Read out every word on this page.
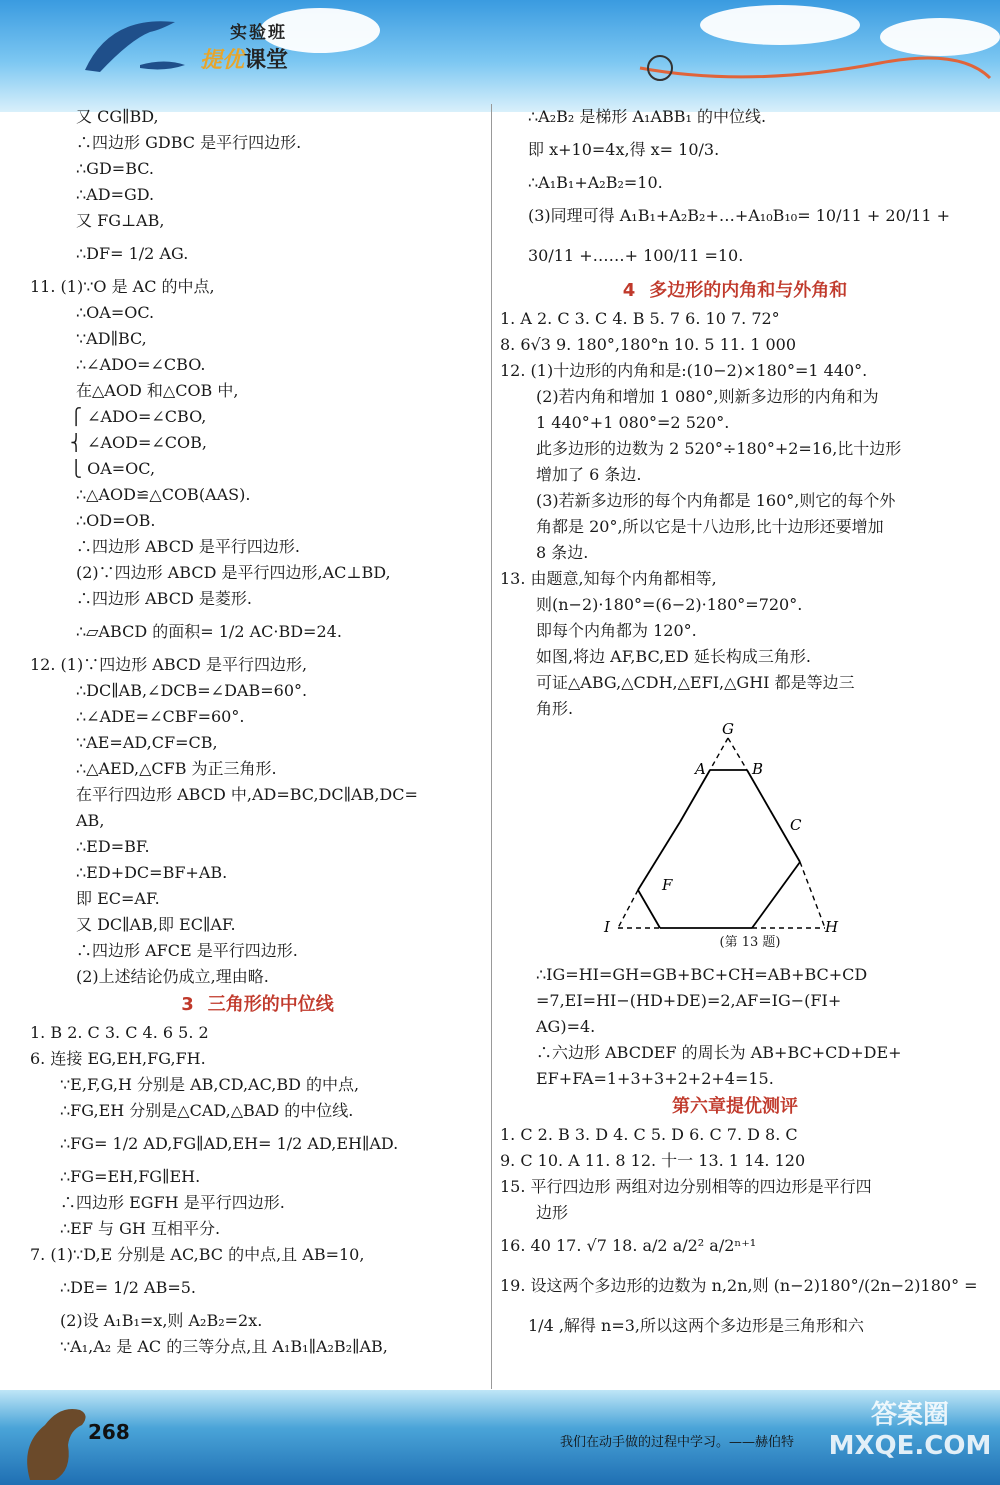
实验班
提优课堂
又 CG∥BD,
∴四边形 GDBC 是平行四边形.
∴GD=BC.
∴AD=GD.
又 FG⊥AB,
∴DF= 1/2 AG.
11. (1)∵O 是 AC 的中点,
∴OA=OC.
∵AD∥BC,
∴∠ADO=∠CBO.
在△AOD 和△COB 中,
⎧ ∠ADO=∠CBO,
⎨ ∠AOD=∠COB,
⎩ OA=OC,
∴△AOD≌△COB(AAS).
∴OD=OB.
∴四边形 ABCD 是平行四边形.
(2)∵四边形 ABCD 是平行四边形,AC⊥BD,
∴四边形 ABCD 是菱形.
∴▱ABCD 的面积= 1/2 AC·BD=24.
12. (1)∵四边形 ABCD 是平行四边形,
∴DC∥AB,∠DCB=∠DAB=60°.
∴∠ADE=∠CBF=60°.
∵AE=AD,CF=CB,
∴△AED,△CFB 为正三角形.
在平行四边形 ABCD 中,AD=BC,DC∥AB,DC=
AB,
∴ED=BF.
∴ED+DC=BF+AB.
即 EC=AF.
又 DC∥AB,即 EC∥AF.
∴四边形 AFCE 是平行四边形.
(2)上述结论仍成立,理由略.
3 三角形的中位线
1. B 2. C 3. C 4. 6 5. 2
6. 连接 EG,EH,FG,FH.
∵E,F,G,H 分别是 AB,CD,AC,BD 的中点,
∴FG,EH 分别是△CAD,△BAD 的中位线.
∴FG= 1/2 AD,FG∥AD,EH= 1/2 AD,EH∥AD.
∴FG=EH,FG∥EH.
∴四边形 EGFH 是平行四边形.
∴EF 与 GH 互相平分.
7. (1)∵D,E 分别是 AC,BC 的中点,且 AB=10,
∴DE= 1/2 AB=5.
(2)设 A₁B₁=x,则 A₂B₂=2x.
∵A₁,A₂ 是 AC 的三等分点,且 A₁B₁∥A₂B₂∥AB,
∴A₂B₂ 是梯形 A₁ABB₁ 的中位线.
即 x+10=4x,得 x= 10/3.
∴A₁B₁+A₂B₂=10.
(3)同理可得 A₁B₁+A₂B₂+…+A₁₀B₁₀= 10/11 + 20/11 +
30/11 +……+ 100/11 =10.
4 多边形的内角和与外角和
1. A 2. C 3. C 4. B 5. 7 6. 10 7. 72°
8. 6√3 9. 180°,180°n 10. 5 11. 1 000
12. (1)十边形的内角和是:(10−2)×180°=1 440°.
(2)若内角和增加 1 080°,则新多边形的内角和为
1 440°+1 080°=2 520°.
此多边形的边数为 2 520°÷180°+2=16,比十边形
增加了 6 条边.
(3)若新多边形的每个内角都是 160°,则它的每个外
角都是 20°,所以它是十八边形,比十边形还要增加
8 条边.
13. 由题意,知每个内角都相等,
则(n−2)·180°=(6−2)·180°=720°.
即每个内角都为 120°.
如图,将边 AF,BC,ED 延长构成三角形.
可证△ABG,△CDH,△EFI,△GHI 都是等边三
角形.
G
A	B
C
H
I
F
(第 13 题)
∴IG=HI=GH=GB+BC+CH=AB+BC+CD
=7,EI=HI−(HD+DE)=2,AF=IG−(FI+
AG)=4.
∴六边形 ABCDEF 的周长为 AB+BC+CD+DE+
EF+FA=1+3+3+2+2+4=15.
第六章提优测评
1. C 2. B 3. D 4. C 5. D 6. C 7. D 8. C
9. C 10. A 11. 8 12. 十一 13. 1 14. 120
15. 平行四边形 两组对边分别相等的四边形是平行四
边形
16. 40 17. √7 18. a/2 a/2² a/2ⁿ⁺¹
19. 设这两个多边形的边数为 n,2n,则 (n−2)180°/(2n−2)180° =
1/4 ,解得 n=3,所以这两个多边形是三角形和六
268	我们在动手做的过程中学习。——赫伯特
答案圈 MXQE.COM
